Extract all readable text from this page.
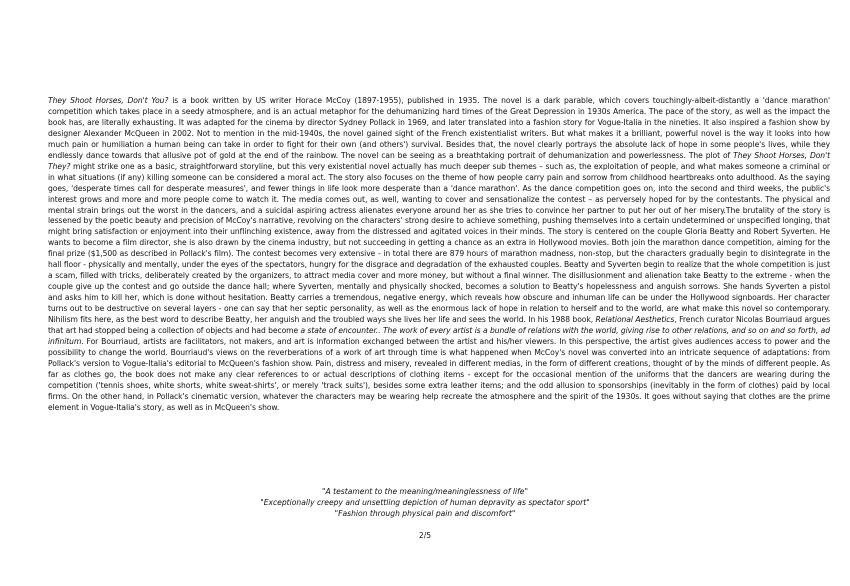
They Shoot Horses, Don't You? is a book written by US writer Horace McCoy (1897-1955), published in 1935. The novel is a dark parable, which covers touchingly-albeit-distantly a 'dance marathon' competition which takes place in a seedy atmosphere, and is an actual metaphor for the dehumanizing hard times of the Great Depression in 1930s America. The pace of the story, as well as the impact the book has, are literally exhausting. It was adapted for the cinema by director Sydney Pollack in 1969, and later translated into a fashion story for Vogue-Italia in the nineties. It also inspired a fashion show by designer Alexander McQueen in 2002. Not to mention in the mid-1940s, the novel gained sight of the French existentialist writers. But what makes it a brilliant, powerful novel is the way it looks into how much pain or humiliation a human being can take in order to fight for their own (and others') survival. Besides that, the novel clearly portrays the absolute lack of hope in some people's lives, while they endlessly dance towards that allusive pot of gold at the end of the rainbow. The novel can be seeing as a breathtaking portrait of dehumanization and powerlessness. The plot of They Shoot Horses, Don't They? might strike one as a basic, straightforward storyline, but this very existential novel actually has much deeper sub themes – such as, the exploitation of people, and what makes someone a criminal or in what situations (if any) killing someone can be considered a moral act. The story also focuses on the theme of how people carry pain and sorrow from childhood heartbreaks onto adulthood. As the saying goes, 'desperate times call for desperate measures', and fewer things in life look more desperate than a 'dance marathon'. As the dance competition goes on, into the second and third weeks, the public's interest grows and more and more people come to watch it. The media comes out, as well, wanting to cover and sensationalize the contest – as perversely hoped for by the contestants. The physical and mental strain brings out the worst in the dancers, and a suicidal aspiring actress alienates everyone around her as she tries to convince her partner to put her out of her misery.The brutality of the story is lessened by the poetic beauty and precision of McCoy's narrative, revolving on the characters' strong desire to achieve something, pushing themselves into a certain undetermined or unspecified longing, that might bring satisfaction or enjoyment into their unflinching existence, away from the distressed and agitated voices in their minds. The story is centered on the couple Gloria Beatty and Robert Syverten. He wants to become a film director, she is also drawn by the cinema industry, but not succeeding in getting a chance as an extra in Hollywood movies. Both join the marathon dance competition, aiming for the final prize ($1,500 as described in Pollack's film). The contest becomes very extensive - in total there are 879 hours of marathon madness, non-stop, but the characters gradually begin to disintegrate in the hall floor - physically and mentally, under the eyes of the spectators, hungry for the disgrace and degradation of the exhausted couples. Beatty and Syverten begin to realize that the whole competition is just a scam, filled with tricks, deliberately created by the organizers, to attract media cover and more money, but without a final winner. The disillusionment and alienation take Beatty to the extreme - when the couple give up the contest and go outside the dance hall; where Syverten, mentally and physically shocked, becomes a solution to Beatty's hopelessness and anguish sorrows. She hands Syverten a pistol and asks him to kill her, which is done without hesitation. Beatty carries a tremendous, negative energy, which reveals how obscure and inhuman life can be under the Hollywood signboards. Her character turns out to be destructive on several layers - one can say that her septic personality, as well as the enormous lack of hope in relation to herself and to the world, are what make this novel so contemporary. Nihilism fits here, as the best word to describe Beatty, her anguish and the troubled ways she lives her life and sees the world. In his 1988 book, Relational Aesthetics, French curator Nicolas Bourriaud argues that art had stopped being a collection of objects and had become a state of encounter.. The work of every artist is a bundle of relations with the world, giving rise to other relations, and so on and so forth, ad infinitum. For Bourriaud, artists are facilitators, not makers, and art is information exchanged between the artist and his/her viewers. In this perspective, the artist gives audiences access to power and the possibility to change the world. Bourriaud's views on the reverberations of a work of art through time is what happened when McCoy's novel was converted into an intricate sequence of adaptations: from Pollack's version to Vogue-Italia's editorial to McQueen's fashion show. Pain, distress and misery, revealed in different medias, in the form of different creations, thought of by the minds of different people. As far as clothes go, the book does not make any clear references to or actual descriptions of clothing items - except for the occasional mention of the uniforms that the dancers are wearing during the competition ('tennis shoes, white shorts, white sweat-shirts', or merely 'track suits'), besides some extra leather items; and the odd allusion to sponsorships (inevitably in the form of clothes) paid by local firms. On the other hand, in Pollack's cinematic version, whatever the characters may be wearing help recreate the atmosphere and the spirit of the 1930s. It goes without saying that clothes are the prime element in Vogue-Italia's story, as well as in McQueen's show.

"A testament to the meaning/meaninglessness of life"
"Exceptionally creepy and unsettling depiction of human depravity as spectator sport"
"Fashion through physical pain and discomfort"
2/5
